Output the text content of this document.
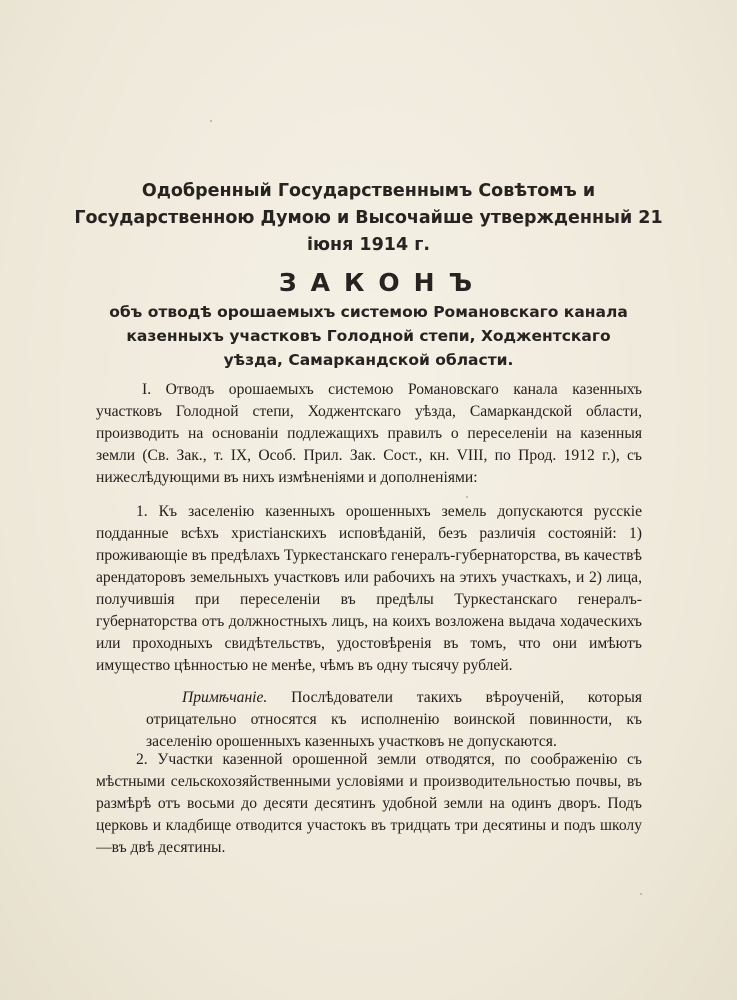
Одобренный Государственнымъ Совѣтомъ и Государственною Думою и Высочайше утвержденный 21 іюня 1914 г.
ЗАКОНЪ
объ отводѣ орошаемыхъ системою Романовскаго канала казенныхъ участковъ Голодной степи, Ходжентскаго уѣзда, Самаркандской области.

I. Отводъ орошаемыхъ системою Романовскаго канала казенныхъ участковъ Голодной степи, Ходжентскаго уѣзда, Самаркандской области, производить на основаніи подлежащихъ правилъ о переселеніи на казенныя земли (Св. Зак., т. IX, Особ. Прил. Зак. Сост., кн. VIII, по Прод. 1912 г.), съ нижеслѣдующими въ нихъ измѣненіями и дополненіями:

1. Къ заселенію казенныхъ орошенныхъ земель допускаются русскіе подданные всѣхъ христіанскихъ исповѣданій, безъ различія состояній: 1) проживающіе въ предѣлахъ Туркестанскаго генералъ-губернаторства, въ качествѣ арендаторовъ земельныхъ участковъ или рабочихъ на этихъ участкахъ, и 2) лица, получившія при переселеніи въ предѣлы Туркестанскаго генералъ-губернаторства отъ должностныхъ лицъ, на коихъ возложена выдача ходаческихъ или проходныхъ свидѣтельствъ, удостовѣренія въ томъ, что они имѣютъ имущество цѣнностью не менѣе, чѣмъ въ одну тысячу рублей.

Примѣчаніе. Послѣдователи такихъ вѣроученій, которыя отрицательно относятся къ исполненію воинской повинности, къ заселенію орошенныхъ казенныхъ участковъ не допускаются.

2. Участки казенной орошенной земли отводятся, по соображенію съ мѣстными сельскохозяйственными условіями и производительностью почвы, въ размѣрѣ отъ восьми до десяти десятинъ удобной земли на одинъ дворъ. Подъ церковь и кладбище отводится участокъ въ тридцать три десятины и подъ школу—въ двѣ десятины.
